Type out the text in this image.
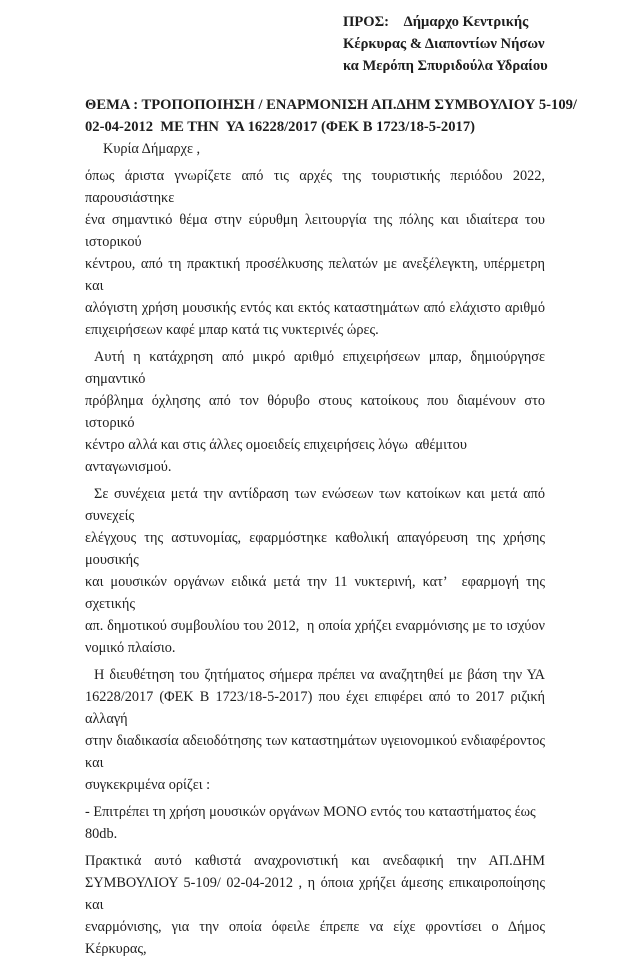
ΠΡΟΣ:    Δήμαρχο Κεντρικής
Κέρκυρας & Διαποντίων Νήσων
κα Μερόπη Σπυριδούλα Υδραίου
ΘΕΜΑ : ΤΡΟΠΟΠΟΙΗΣΗ / ΕΝΑΡΜΟΝΙΣΗ ΑΠ.ΔΗΜ ΣΥΜΒΟΥΛΙΟΥ 5-109/
02-04-2012  ΜΕ ΤΗΝ  ΥΑ 16228/2017 (ΦΕΚ Β 1723/18-5-2017)
Κυρία Δήμαρχε ,
όπως άριστα γνωρίζετε από τις αρχές της τουριστικής περιόδου 2022, παρουσιάστηκε
ένα σημαντικό θέμα στην εύρυθμη λειτουργία της πόλης και ιδιαίτερα του ιστορικού
κέντρου, από τη πρακτική προσέλκυσης πελατών με ανεξέλεγκτη, υπέρμετρη και
αλόγιστη χρήση μουσικής εντός και εκτός καταστημάτων από ελάχιστο αριθμό
επιχειρήσεων καφέ μπαρ κατά τις νυκτερινές ώρες.
Αυτή η κατάχρηση από μικρό αριθμό επιχειρήσεων μπαρ, δημιούργησε σημαντικό
πρόβλημα όχλησης από τον θόρυβο στους κατοίκους που διαμένουν στο ιστορικό
κέντρο αλλά και στις άλλες ομοειδείς επιχειρήσεις λόγω  αθέμιτου ανταγωνισμού.
Σε συνέχεια μετά την αντίδραση των ενώσεων των κατοίκων και μετά από συνεχείς
ελέγχους της αστυνομίας, εφαρμόστηκε καθολική απαγόρευση της χρήσης μουσικής
και μουσικών οργάνων ειδικά μετά την 11 νυκτερινή, κατ’  εφαρμογή της σχετικής
απ. δημοτικού συμβουλίου του 2012,  η οποία χρήζει εναρμόνισης με το ισχύον
νομικό πλαίσιο.
Η διευθέτηση του ζητήματος σήμερα πρέπει να αναζητηθεί με βάση την ΥΑ
16228/2017 (ΦΕΚ Β 1723/18-5-2017) που έχει επιφέρει από το 2017 ριζική αλλαγή
στην διαδικασία αδειοδότησης των καταστημάτων υγειονομικού ενδιαφέροντος και
συγκεκριμένα ορίζει :
- Επιτρέπει τη χρήση μουσικών οργάνων ΜΟΝΟ εντός του καταστήματος έως 80db.
Πρακτικά αυτό καθιστά αναχρονιστική και ανεδαφική την ΑΠ.ΔΗΜ
ΣΥΜΒΟΥΛΙΟΥ 5-109/ 02-04-2012 , η όποια χρήζει άμεσης επικαιροποίησης και
εναρμόνισης, για την οποία όφειλε έπρεπε να είχε φροντίσει ο Δήμος Κέρκυρας,
